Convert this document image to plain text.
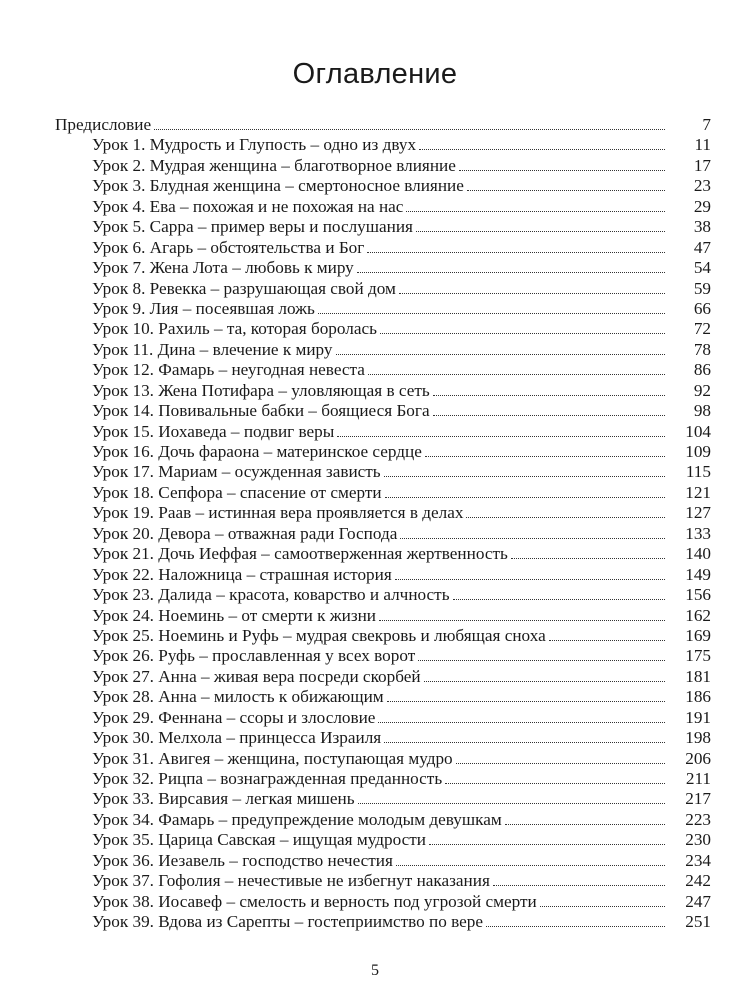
Оглавление
Предисловие	7
Урок 1. Мудрость и Глупость – одно из двух	11
Урок 2. Мудрая женщина – благотворное влияние	17
Урок 3. Блудная женщина – смертоносное влияние	23
Урок 4. Ева – похожая и не похожая на нас	29
Урок 5. Сарра – пример веры и послушания	38
Урок 6. Агарь – обстоятельства и Бог	47
Урок 7. Жена Лота – любовь к миру	54
Урок 8. Ревекка – разрушающая свой дом	59
Урок 9. Лия – посеявшая ложь	66
Урок 10. Рахиль – та, которая боролась	72
Урок 11. Дина – влечение к миру	78
Урок 12. Фамарь – неугодная невеста	86
Урок 13. Жена Потифара – уловляющая в сеть	92
Урок 14. Повивальные бабки – боящиеся Бога	98
Урок 15. Иохаведа – подвиг веры	104
Урок 16. Дочь фараона – материнское сердце	109
Урок 17. Мариам – осужденная зависть	115
Урок 18. Сепфора – спасение от смерти	121
Урок 19. Раав – истинная вера проявляется в делах	127
Урок 20. Девора – отважная ради Господа	133
Урок 21. Дочь Иеффая – самоотверженная жертвенность	140
Урок 22. Наложница – страшная история	149
Урок 23. Далида – красота, коварство и алчность	156
Урок 24. Ноеминь – от смерти к жизни	162
Урок 25. Ноеминь и Руфь – мудрая свекровь и любящая сноха	169
Урок 26. Руфь – прославленная у всех ворот	175
Урок 27. Анна – живая вера посреди скорбей	181
Урок 28. Анна – милость к обижающим	186
Урок 29. Феннана – ссоры и злословие	191
Урок 30. Мелхола – принцесса Израиля	198
Урок 31. Авигея – женщина, поступающая мудро	206
Урок 32. Рицпа – вознагражденная преданность	211
Урок 33. Вирсавия – легкая мишень	217
Урок 34. Фамарь – предупреждение молодым девушкам	223
Урок 35. Царица Савская – ищущая мудрости	230
Урок 36. Иезавель – господство нечестия	234
Урок 37. Гофолия – нечестивые не избегнут наказания	242
Урок 38. Иосавеф – смелость и верность под угрозой смерти	247
Урок 39. Вдова из Сарепты – гостеприимство по вере	251
5
